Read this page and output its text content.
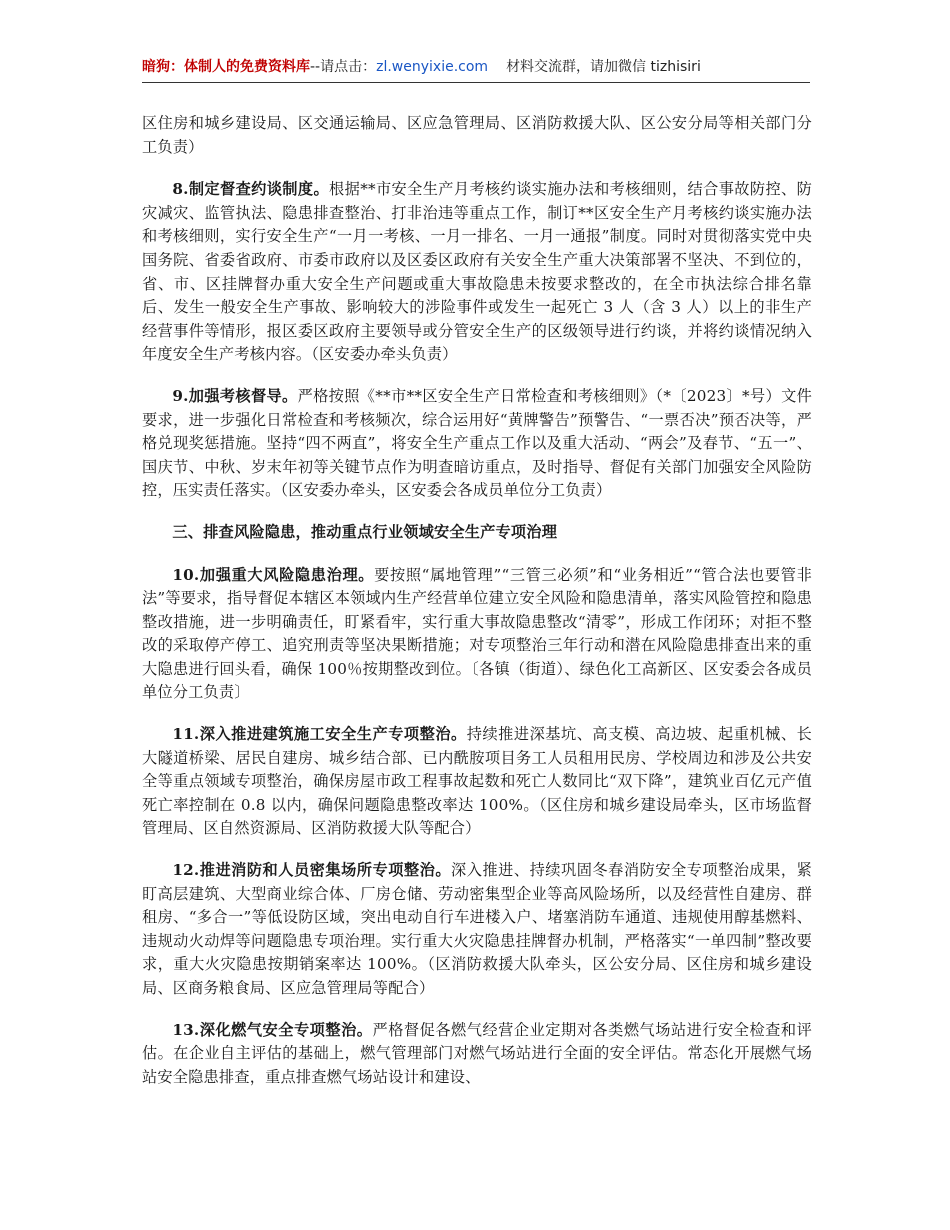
暗狗：体制人的免费资料库--请点击：zl.wenyixie.com 材料交流群，请加微信 tizhisiri

区住房和城乡建设局、区交通运输局、区应急管理局、区消防救援大队、区公安分局等相关部门分工负责）

8.制定督查约谈制度。根据**市安全生产月考核约谈实施办法和考核细则，结合事故防控、防灾减灾、监管执法、隐患排查整治、打非治违等重点工作，制订**区安全生产月考核约谈实施办法和考核细则，实行安全生产“一月一考核、一月一排名、一月一通报”制度。同时对贯彻落实党中央国务院、省委省政府、市委市政府以及区委区政府有关安全生产重大决策部署不坚决、不到位的，省、市、区挂牌督办重大安全生产问题或重大事故隐患未按要求整改的，在全市执法综合排名靠后、发生一般安全生产事故、影响较大的涉险事件或发生一起死亡 3 人（含 3 人）以上的非生产经营事件等情形，报区委区政府主要领导或分管安全生产的区级领导进行约谈，并将约谈情况纳入年度安全生产考核内容。（区安委办牵头负责）

9.加强考核督导。严格按照《**市**区安全生产日常检查和考核细则》（*〔2023〕*号）文件要求，进一步强化日常检查和考核频次，综合运用好“黄牌警告”预警告、“一票否决”预否决等，严格兑现奖惩措施。坚持“四不两直”，将安全生产重点工作以及重大活动、“两会”及春节、“五一”、国庆节、中秋、岁末年初等关键节点作为明查暗访重点，及时指导、督促有关部门加强安全风险防控，压实责任落实。（区安委办牵头，区安委会各成员单位分工负责）

三、排查风险隐患，推动重点行业领域安全生产专项治理

10.加强重大风险隐患治理。要按照“属地管理”“三管三必须”和“业务相近”“管合法也要管非法”等要求，指导督促本辖区本领域内生产经营单位建立安全风险和隐患清单，落实风险管控和隐患整改措施，进一步明确责任，盯紧看牢，实行重大事故隐患整改“清零”，形成工作闭环；对拒不整改的采取停产停工、追究刑责等坚决果断措施；对专项整治三年行动和潜在风险隐患排查出来的重大隐患进行回头看，确保 100％按期整改到位。〔各镇（街道）、绿色化工高新区、区安委会各成员单位分工负责〕

11.深入推进建筑施工安全生产专项整治。持续推进深基坑、高支模、高边坡、起重机械、长大隧道桥梁、居民自建房、城乡结合部、已内酰胺项目务工人员租用民房、学校周边和涉及公共安全等重点领域专项整治，确保房屋市政工程事故起数和死亡人数同比“双下降”，建筑业百亿元产值死亡率控制在 0.8 以内，确保问题隐患整改率达 100%。（区住房和城乡建设局牵头，区市场监督管理局、区自然资源局、区消防救援大队等配合）

12.推进消防和人员密集场所专项整治。深入推进、持续巩固冬春消防安全专项整治成果，紧盯高层建筑、大型商业综合体、厂房仓储、劳动密集型企业等高风险场所，以及经营性自建房、群租房、“多合一”等低设防区域，突出电动自行车进楼入户、堵塞消防车通道、违规使用醇基燃料、违规动火动焊等问题隐患专项治理。实行重大火灾隐患挂牌督办机制，严格落实“一单四制”整改要求，重大火灾隐患按期销案率达 100%。（区消防救援大队牵头，区公安分局、区住房和城乡建设局、区商务粮食局、区应急管理局等配合）

13.深化燃气安全专项整治。严格督促各燃气经营企业定期对各类燃气场站进行安全检查和评估。在企业自主评估的基础上，燃气管理部门对燃气场站进行全面的安全评估。常态化开展燃气场站安全隐患排查，重点排查燃气场站设计和建设、
